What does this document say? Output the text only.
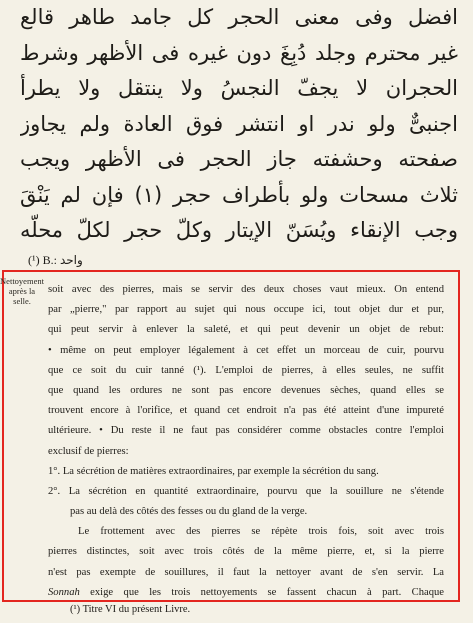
افضل وفى معنى الحجر كل جامد طاهر قالع
غير محترم وجلد دُبِغَ دون غيره فى الأظهر وشرط
الحجران لا يجفّ النجسُ ولا ينتقل ولا يطرأ
اجنبىٌّ ولو ندر او انتشر فوق العادة ولم يجاوز
صفحته وحشفته جاز الحجر فى الأظهر ويجب
ثلاث مسحات ولو بأطراف حجر (١) فإن لم يَنْقَ
وجب الإنقاء ويُسَنّ الإيتار وكلّ حجر لكلّ محلّه
(¹) B.: واحد
Nettoyement après la selle.
soit avec des pierres, mais se servir des deux choses vaut mieux. On entend
par „pierre," par rapport au sujet qui nous occupe ici, tout objet dur et pur,
qui peut servir à enlever la saleté, et qui peut devenir un objet de rebut:
• même on peut employer légalement à cet effet un morceau de cuir, pourvu
que ce soit du cuir tanné (¹). L'emploi de pierres, à elles seules, ne suffit
que quand les ordures ne sont pas encore devenues sèches, quand elles se
trouvent encore à l'orifice, et quand cet endroit n'a pas été atteint d'une impureté
ultérieure. • Du reste il ne faut pas considérer comme obstacles contre l'emploi
exclusif de pierres:
1°. La sécrétion de matières extraordinaires, par exemple la sécrétion du sang.
2°. La sécrétion en quantité extraordinaire, pourvu que la souillure ne s'étende
pas au delà des côtés des fesses ou du gland de la verge.
Le frottement avec des pierres se répète trois fois, soit avec trois
pierres distinctes, soit avec trois côtés de la même pierre, et, si la pierre
n'est pas exempte de souillures, il faut la nettoyer avant de s'en servir. La
Sonnah exige que les trois nettoyements se fassent chacun à part. Chaque
(¹) Titre VI du présent Livre.
